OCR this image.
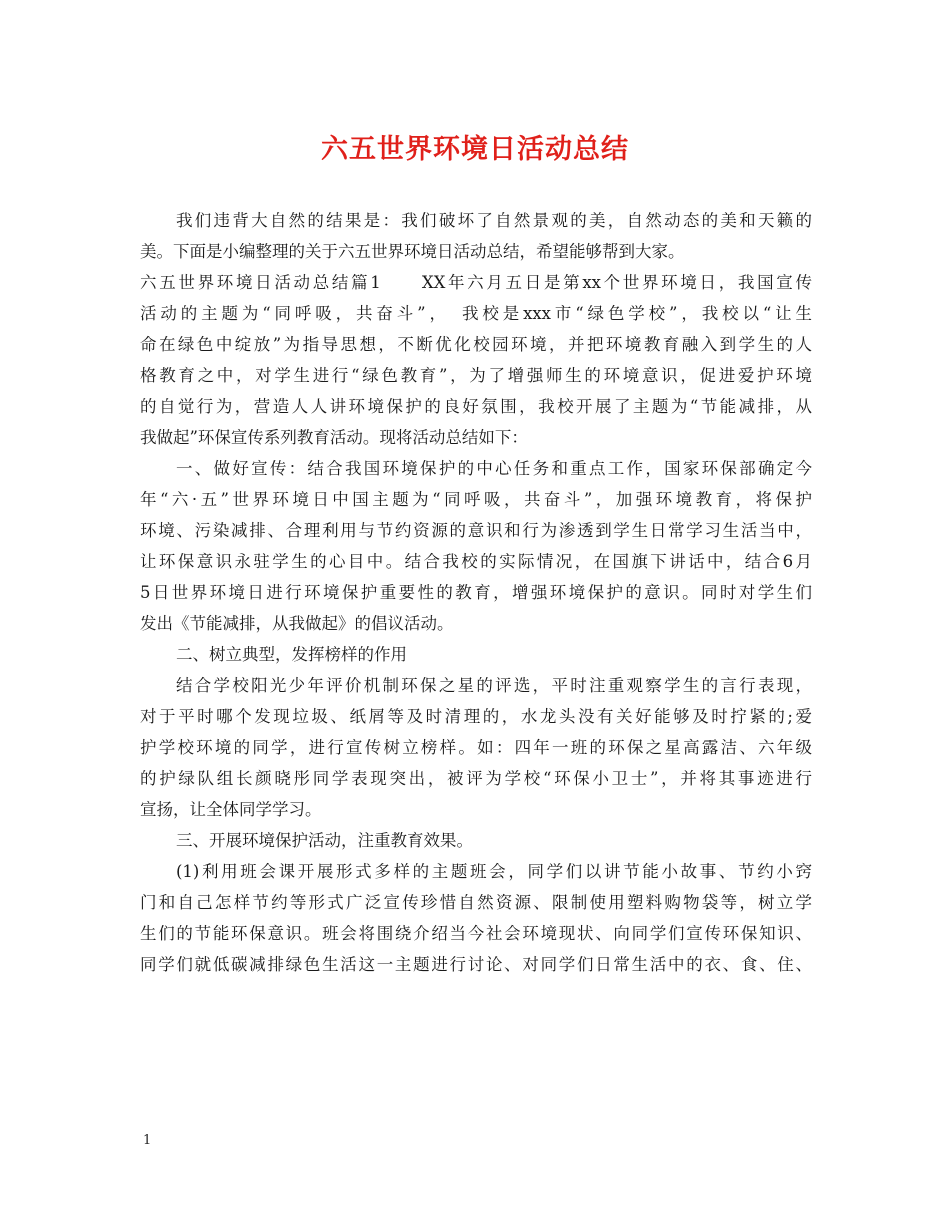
六五世界环境日活动总结

我们违背大自然的结果是：我们破坏了自然景观的美，自然动态的美和天籁的

美。下面是小编整理的关于六五世界环境日活动总结，希望能够帮到大家。

六五世界环境日活动总结篇1　　XX年六月五日是第xx个世界环境日，我国宣传

活动的主题为“同呼吸，共奋斗”，　我校是xxx市“绿色学校”，我校以“让生

命在绿色中绽放”为指导思想，不断优化校园环境，并把环境教育融入到学生的人

格教育之中，对学生进行“绿色教育”，为了增强师生的环境意识，促进爱护环境

的自觉行为，营造人人讲环境保护的良好氛围，我校开展了主题为“节能减排，从

我做起”环保宣传系列教育活动。现将活动总结如下：

一、做好宣传：结合我国环境保护的中心任务和重点工作，国家环保部确定今

年“六·五”世界环境日中国主题为“同呼吸，共奋斗”，加强环境教育，将保护

环境、污染减排、合理利用与节约资源的意识和行为渗透到学生日常学习生活当中，

让环保意识永驻学生的心目中。结合我校的实际情况，在国旗下讲话中，结合6月

5日世界环境日进行环境保护重要性的教育，增强环境保护的意识。同时对学生们

发出《节能减排，从我做起》的倡议活动。

二、树立典型，发挥榜样的作用

结合学校阳光少年评价机制环保之星的评选，平时注重观察学生的言行表现，

对于平时哪个发现垃圾、纸屑等及时清理的，水龙头没有关好能够及时拧紧的;爱

护学校环境的同学，进行宣传树立榜样。如：四年一班的环保之星高露洁、六年级

的护绿队组长颜晓彤同学表现突出，被评为学校“环保小卫士”，并将其事迹进行

宣扬，让全体同学学习。

三、开展环境保护活动，注重教育效果。

(1)利用班会课开展形式多样的主题班会，同学们以讲节能小故事、节约小窍

门和自己怎样节约等形式广泛宣传珍惜自然资源、限制使用塑料购物袋等，树立学

生们的节能环保意识。班会将围绕介绍当今社会环境现状、向同学们宣传环保知识、

同学们就低碳减排绿色生活这一主题进行讨论、对同学们日常生活中的衣、食、住、

1
